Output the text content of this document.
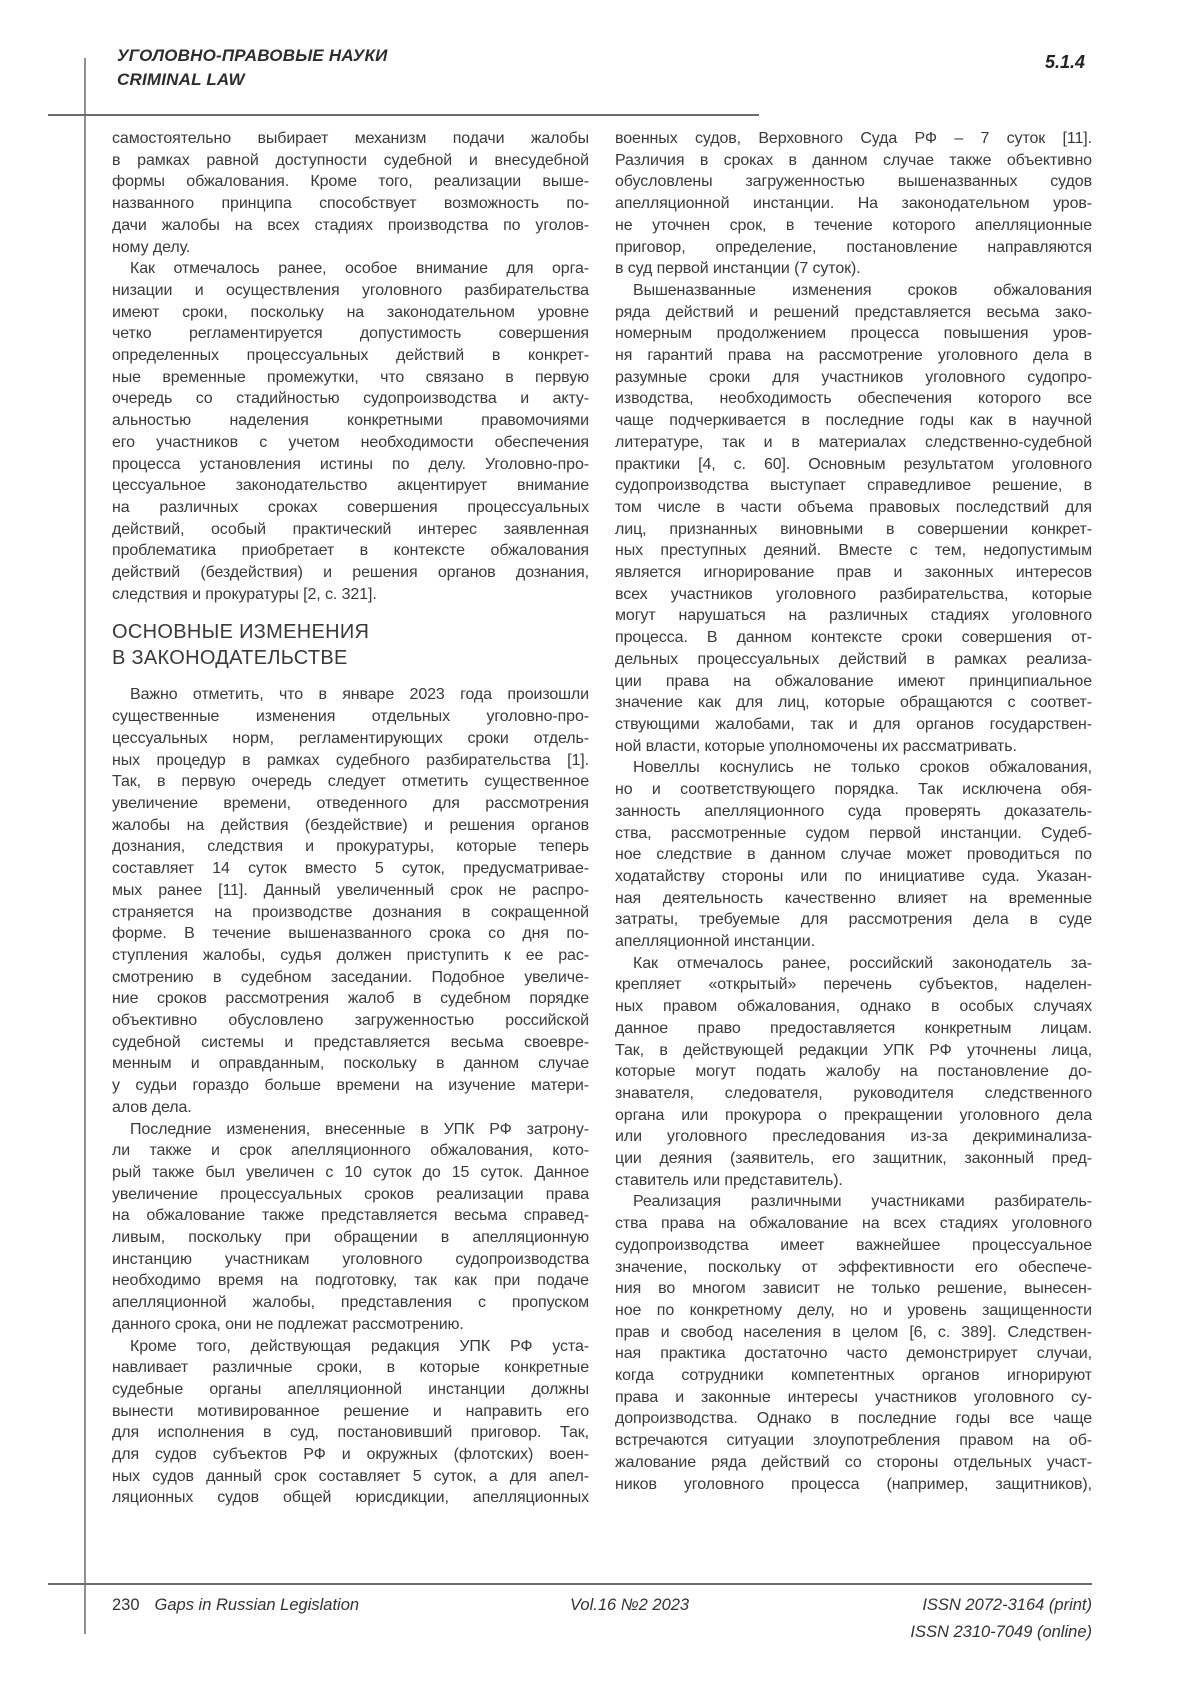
УГОЛОВНО-ПРАВОВЫЕ НАУКИ
CRIMINAL LAW
5.1.4
самостоятельно выбирает механизм подачи жалобы
в рамках равной доступности судебной и внесудебной
формы обжалования. Кроме того, реализации выше-
названного принципа способствует возможность по-
дачи жалобы на всех стадиях производства по уголов-
ному делу.
Как отмечалось ранее, особое внимание для орга-
низации и осуществления уголовного разбирательства
имеют сроки, поскольку на законодательном уровне
четко регламентируется допустимость совершения
определенных процессуальных действий в конкрет-
ные временные промежутки, что связано в первую
очередь со стадийностью судопроизводства и акту-
альностью наделения конкретными правомочиями
его участников с учетом необходимости обеспечения
процесса установления истины по делу. Уголовно-про-
цессуальное законодательство акцентирует внимание
на различных сроках совершения процессуальных
действий, особый практический интерес заявленная
проблематика приобретает в контексте обжалования
действий (бездействия) и решения органов дознания,
следствия и прокуратуры [2, с. 321].
ОСНОВНЫЕ ИЗМЕНЕНИЯ
В ЗАКОНОДАТЕЛЬСТВЕ
Важно отметить, что в январе 2023 года произошли
существенные изменения отдельных уголовно-про-
цессуальных норм, регламентирующих сроки отдель-
ных процедур в рамках судебного разбирательства [1].
Так, в первую очередь следует отметить существенное
увеличение времени, отведенного для рассмотрения
жалобы на действия (бездействие) и решения органов
дознания, следствия и прокуратуры, которые теперь
составляет 14 суток вместо 5 суток, предусматривае-
мых ранее [11]. Данный увеличенный срок не распро-
страняется на производстве дознания в сокращенной
форме. В течение вышеназванного срока со дня по-
ступления жалобы, судья должен приступить к ее рас-
смотрению в судебном заседании. Подобное увеличе-
ние сроков рассмотрения жалоб в судебном порядке
объективно обусловлено загруженностью российской
судебной системы и представляется весьма своевре-
менным и оправданным, поскольку в данном случае
у судьи гораздо больше времени на изучение матери-
алов дела.
Последние изменения, внесенные в УПК РФ затрону-
ли также и срок апелляционного обжалования, кото-
рый также был увеличен с 10 суток до 15 суток. Данное
увеличение процессуальных сроков реализации права
на обжалование также представляется весьма справед-
ливым, поскольку при обращении в апелляционную
инстанцию участникам уголовного судопроизводства
необходимо время на подготовку, так как при подаче
апелляционной жалобы, представления с пропуском
данного срока, они не подлежат рассмотрению.
Кроме того, действующая редакция УПК РФ уста-
навливает различные сроки, в которые конкретные
судебные органы апелляционной инстанции должны
вынести мотивированное решение и направить его
для исполнения в суд, постановивший приговор. Так,
для судов субъектов РФ и окружных (флотских) воен-
ных судов данный срок составляет 5 суток, а для апел-
ляционных судов общей юрисдикции, апелляционных
военных судов, Верховного Суда РФ – 7 суток [11].
Различия в сроках в данном случае также объективно
обусловлены загруженностью вышеназванных судов
апелляционной инстанции. На законодательном уров-
не уточнен срок, в течение которого апелляционные
приговор, определение, постановление направляются
в суд первой инстанции (7 суток).
Вышеназванные изменения сроков обжалования
ряда действий и решений представляется весьма зако-
номерным продолжением процесса повышения уров-
ня гарантий права на рассмотрение уголовного дела в
разумные сроки для участников уголовного судопро-
изводства, необходимость обеспечения которого все
чаще подчеркивается в последние годы как в научной
литературе, так и в материалах следственно-судебной
практики [4, с. 60]. Основным результатом уголовного
судопроизводства выступает справедливое решение, в
том числе в части объема правовых последствий для
лиц, признанных виновными в совершении конкрет-
ных преступных деяний. Вместе с тем, недопустимым
является игнорирование прав и законных интересов
всех участников уголовного разбирательства, которые
могут нарушаться на различных стадиях уголовного
процесса. В данном контексте сроки совершения от-
дельных процессуальных действий в рамках реализа-
ции права на обжалование имеют принципиальное
значение как для лиц, которые обращаются с соответ-
ствующими жалобами, так и для органов государствен-
ной власти, которые уполномочены их рассматривать.
Новеллы коснулись не только сроков обжалования,
но и соответствующего порядка. Так исключена обя-
занность апелляционного суда проверять доказатель-
ства, рассмотренные судом первой инстанции. Судеб-
ное следствие в данном случае может проводиться по
ходатайству стороны или по инициативе суда. Указан-
ная деятельность качественно влияет на временные
затраты, требуемые для рассмотрения дела в суде
апелляционной инстанции.
Как отмечалось ранее, российский законодатель за-
крепляет «открытый» перечень субъектов, наделен-
ных правом обжалования, однако в особых случаях
данное право предоставляется конкретным лицам.
Так, в действующей редакции УПК РФ уточнены лица,
которые могут подать жалобу на постановление до-
знавателя, следователя, руководителя следственного
органа или прокурора о прекращении уголовного дела
или уголовного преследования из-за декриминализа-
ции деяния (заявитель, его защитник, законный пред-
ставитель или представитель).
Реализация различными участниками разбиратель-
ства права на обжалование на всех стадиях уголовного
судопроизводства имеет важнейшее процессуальное
значение, поскольку от эффективности его обеспече-
ния во многом зависит не только решение, вынесен-
ное по конкретному делу, но и уровень защищенности
прав и свобод населения в целом [6, с. 389]. Следствен-
ная практика достаточно часто демонстрирует случаи,
когда сотрудники компетентных органов игнорируют
права и законные интересы участников уголовного су-
допроизводства. Однако в последние годы все чаще
встречаются ситуации злоупотребления правом на об-
жалование ряда действий со стороны отдельных участ-
ников уголовного процесса (например, защитников),
230 Gaps in Russian Legislation	Vol.16 №2 2023	ISSN 2072-3164 (print)
ISSN 2310-7049 (online)
